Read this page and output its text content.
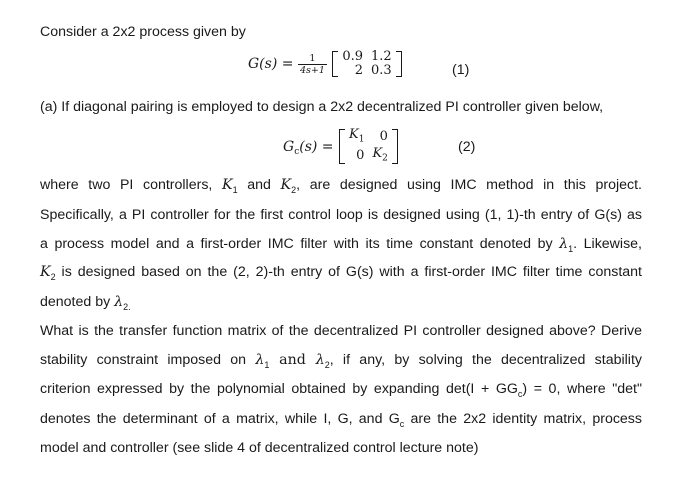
Consider a 2x2 process given by
$G(s) = \frac{1}{4s+1}$
0.9	1.2
2	0.3	(1)
(a) If diagonal pairing is employed to design a 2x2 decentralized PI controller given below,
$G_c(s)$ =
$K_1$	0
0	$K_2$
(2)
where two PI controllers, $K_1$ and $K_2$, are designed using IMC method in this project.
Specifically, a PI controller for the first control loop is designed using (1, 1)-th entry of G(s) as
a process model and a first-order IMC filter with its time constant denoted by $\lambda_1$. Likewise,
$K_2$ is designed based on the (2, 2)-th entry of G(s) with a first-order IMC filter time constant
denoted by $\lambda_{2.}$
What is the transfer function matrix of the decentralized PI controller designed above? Derive
stability constraint imposed on $\lambda_1$ and $\lambda_2$, if any, by solving the decentralized stability
criterion expressed by the polynomial obtained by expanding $\det(I + GG_c) = 0$, where "det"
denotes the determinant of a matrix, while I, G, and $G_c$ are the 2x2 identity matrix, process
model and controller (see slide 4 of decentralized control lecture note)
